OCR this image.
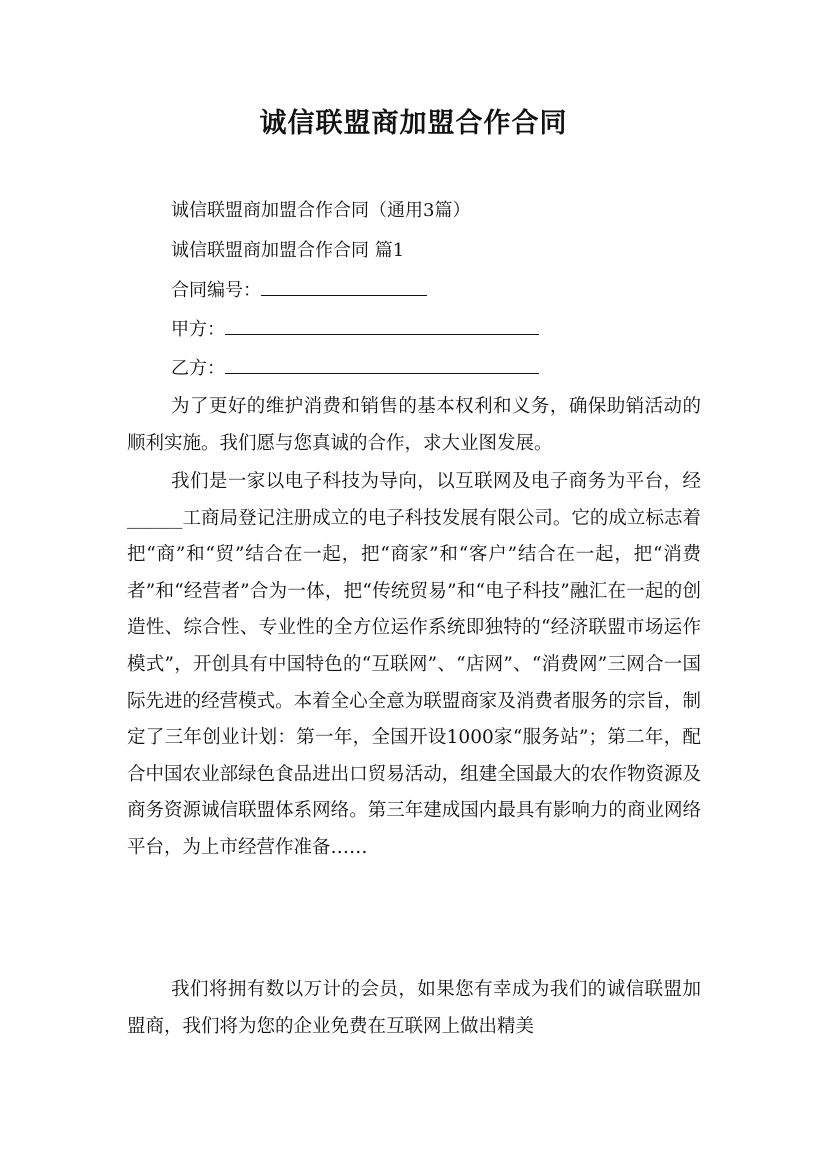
诚信联盟商加盟合作合同
诚信联盟商加盟合作合同（通用3篇）
诚信联盟商加盟合作合同 篇1
合同编号：
甲方：
乙方：

为了更好的维护消费和销售的基本权利和义务，确保助销活动的顺利实施。我们愿与您真诚的合作，求大业图发展。

我们是一家以电子科技为导向，以互联网及电子商务为平台，经______工商局登记注册成立的电子科技发展有限公司。它的成立标志着把“商”和“贸”结合在一起，把“商家”和“客户”结合在一起，把“消费者”和“经营者”合为一体，把“传统贸易”和“电子科技”融汇在一起的创造性、综合性、专业性的全方位运作系统即独特的“经济联盟市场运作模式”，开创具有中国特色的“互联网”、“店网”、“消费网”三网合一国际先进的经营模式。本着全心全意为联盟商家及消费者服务的宗旨，制定了三年创业计划：第一年，全国开设1000家“服务站”；第二年，配合中国农业部绿色食品进出口贸易活动，组建全国最大的农作物资源及商务资源诚信联盟体系网络。第三年建成国内最具有影响力的商业网络平台，为上市经营作准备……

我们将拥有数以万计的会员，如果您有幸成为我们的诚信联盟加盟商，我们将为您的企业免费在互联网上做出精美
